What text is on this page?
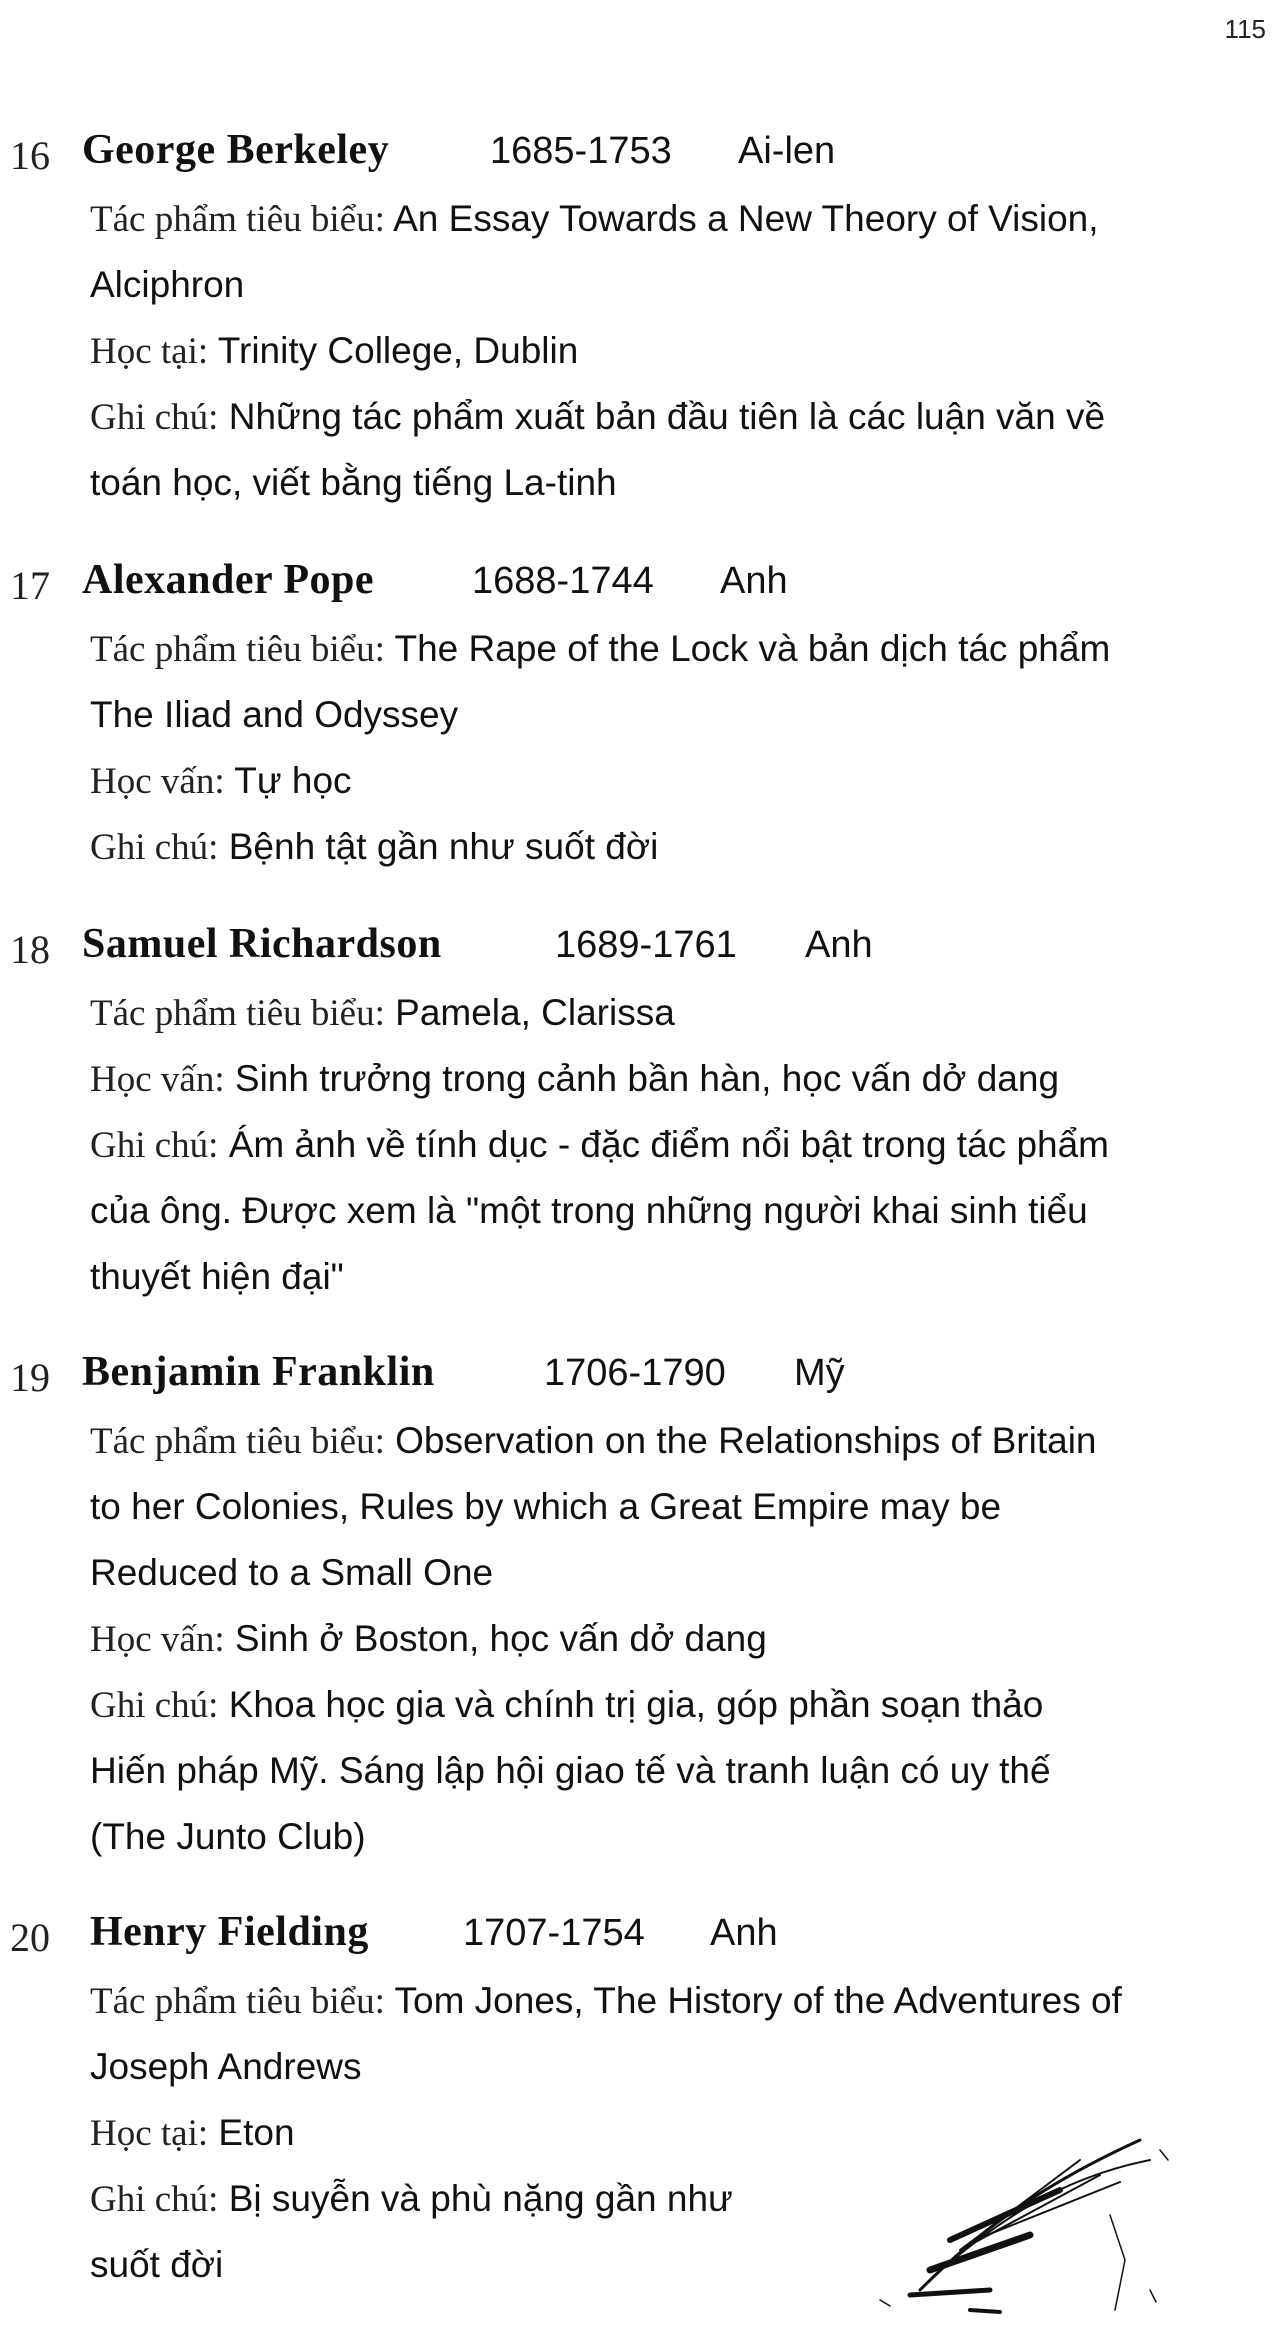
115
16 George Berkeley	1685-1753 Ai-len
Tác phẩm tiêu biểu: An Essay Towards a New Theory of Vision,
Alciphron
Học tại: Trinity College, Dublin
Ghi chú: Những tác phẩm xuất bản đầu tiên là các luận văn về
toán học, viết bằng tiếng La-tinh
17 Alexander Pope	1688-1744 Anh
Tác phẩm tiêu biểu: The Rape of the Lock và bản dịch tác phẩm
The Iliad and Odyssey
Học vấn: Tự học
Ghi chú: Bệnh tật gần như suốt đời
18 Samuel Richardson	1689-1761 Anh
Tác phẩm tiêu biểu: Pamela, Clarissa
Học vấn: Sinh trưởng trong cảnh bần hàn, học vấn dở dang
Ghi chú: Ám ảnh về tính dục - đặc điểm nổi bật trong tác phẩm
của ông. Được xem là "một trong những người khai sinh tiểu
thuyết hiện đại"
19 Benjamin Franklin	1706-1790 Mỹ
Tác phẩm tiêu biểu: Observation on the Relationships of Britain
to her Colonies, Rules by which a Great Empire may be
Reduced to a Small One
Học vấn: Sinh ở Boston, học vấn dở dang
Ghi chú: Khoa học gia và chính trị gia, góp phần soạn thảo
Hiến pháp Mỹ. Sáng lập hội giao tế và tranh luận có uy thế
(The Junto Club)
20 Henry Fielding 1707-1754 Anh
Tác phẩm tiêu biểu: Tom Jones, The History of the Adventures of
Joseph Andrews
Học tại: Eton
Ghi chú: Bị suyễn và phù nặng gần như
suốt đời
